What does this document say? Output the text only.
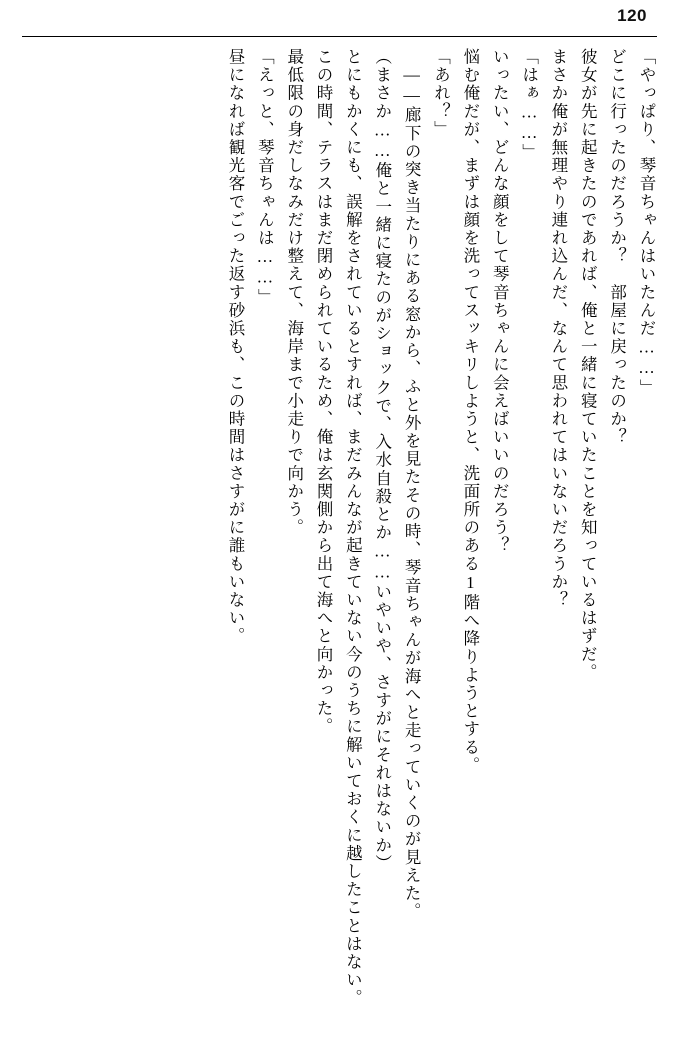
120

「やっぱり、琴音ちゃんはいたんだ……」

どこに行ったのだろうか？　部屋に戻ったのか？

彼女が先に起きたのであれば、俺と一緒に寝ていたことを知っているはずだ。

まさか俺が無理やり連れ込んだ、なんて思われてはいないだろうか？

「はぁ……」

いったい、どんな顔をして琴音ちゃんに会えばいいのだろう？

悩む俺だが、まずは顔を洗ってスッキリしようと、洗面所のある1階へ降りようとする。

「あれ？」

――廊下の突き当たりにある窓から、ふと外を見たその時、琴音ちゃんが海へと走っていくのが見えた。

（まさか……俺と一緒に寝たのがショックで、入水自殺とか……いやいや、さすがにそれはないか）

とにもかくにも、誤解をされているとすれば、まだみんなが起きていない今のうちに解いておくに越したことはない。

この時間、テラスはまだ閉められているため、俺は玄関側から出て海へと向かった。

最低限の身だしなみだけ整えて、海岸まで小走りで向かう。

「えっと、琴音ちゃんは……」

昼になれば観光客でごった返す砂浜も、この時間はさすがに誰もいない。
